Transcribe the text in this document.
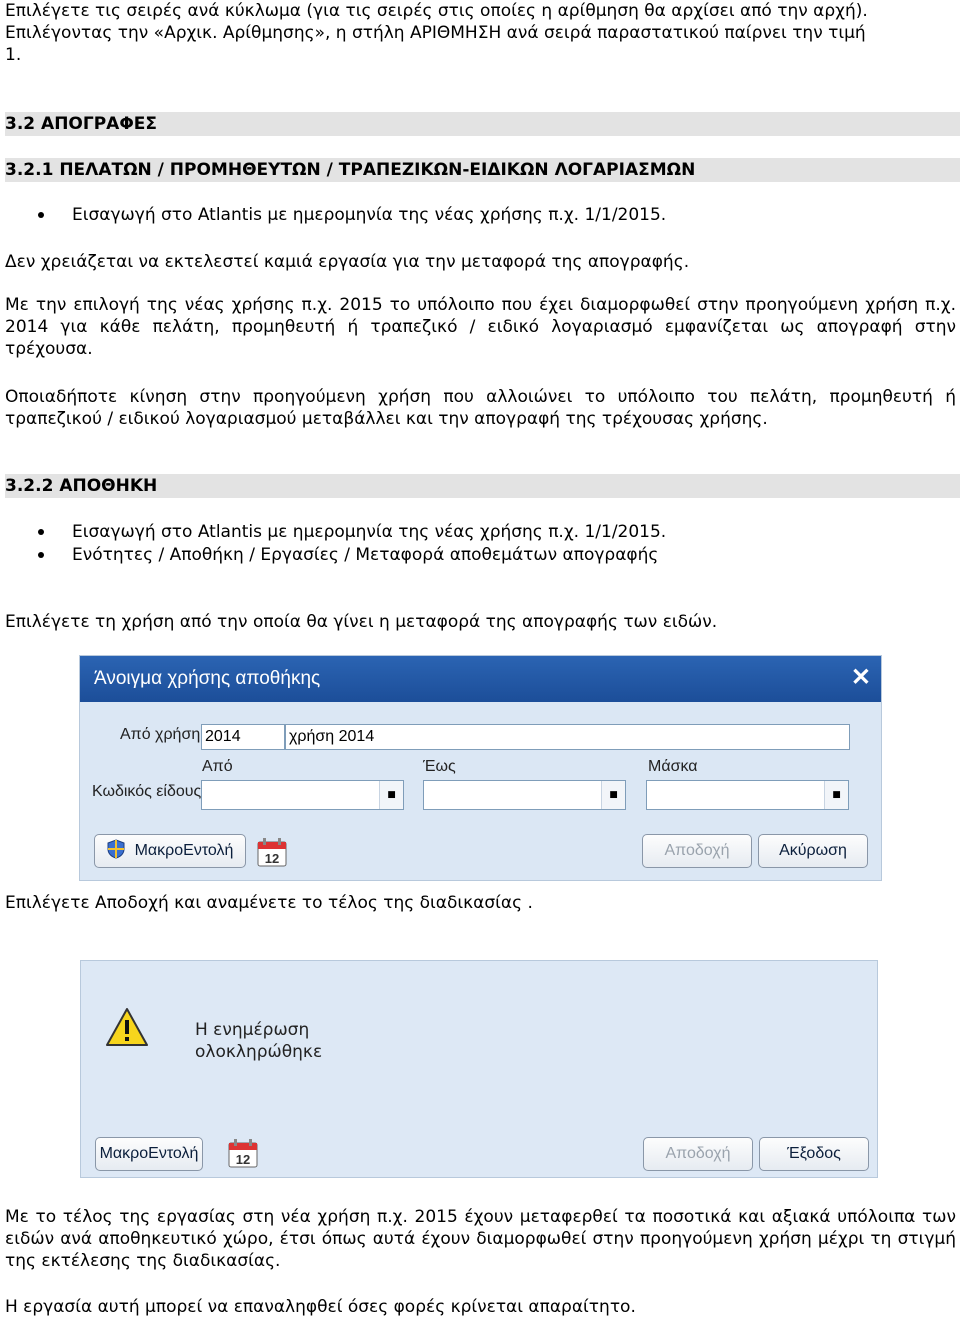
Επιλέγετε τις σειρές ανά κύκλωμα (για τις σειρές στις οποίες η αρίθμηση θα αρχίσει από την αρχή).
Επιλέγοντας την «Αρχικ. Αρίθμησης», η στήλη ΑΡΙΘΜΗΣΗ ανά σειρά παραστατικού παίρνει την τιμή
1.
3.2 ΑΠΟΓΡΑΦΕΣ
3.2.1 ΠΕΛΑΤΩΝ / ΠΡΟΜΗΘΕΥΤΩΝ / ΤΡΑΠΕΖΙΚΩΝ-ΕΙΔΙΚΩΝ ΛΟΓΑΡΙΑΣΜΩΝ
Εισαγωγή στο Atlantis με ημερομηνία της νέας χρήσης π.χ. 1/1/2015.
Δεν χρειάζεται να εκτελεστεί καμιά εργασία για την μεταφορά της απογραφής.
Με την επιλογή της νέας χρήσης π.χ. 2015 το υπόλοιπο που έχει διαμορφωθεί στην προηγούμενη χρήση π.χ. 2014 για κάθε πελάτη, προμηθευτή ή τραπεζικό / ειδικό λογαριασμό εμφανίζεται ως απογραφή στην τρέχουσα.
Οποιαδήποτε κίνηση στην προηγούμενη χρήση που αλλοιώνει το υπόλοιπο του πελάτη, προμηθευτή ή τραπεζικού / ειδικού λογαριασμού μεταβάλλει και την απογραφή της τρέχουσας χρήσης.
3.2.2 ΑΠΟΘΗΚΗ
Εισαγωγή στο Atlantis με ημερομηνία της νέας χρήσης π.χ. 1/1/2015.
Ενότητες / Αποθήκη / Εργασίες / Μεταφορά αποθεμάτων απογραφής
Επιλέγετε τη χρήση από την οποία θα γίνει η μεταφορά της απογραφής των ειδών.
Άνοιγμα χρήσης αποθήκης	✕
Από χρήση 2014	χρήση 2014
Από	Έως	Μάσκα
Κωδικός είδους	■	■	■
ΜακροΕντολή	12	Αποδοχή	Ακύρωση
Επιλέγετε Αποδοχή και αναμένετε το τέλος της διαδικασίας .
Η ενημέρωση
ολοκληρώθηκε
ΜακροΕντολή	12	Αποδοχή	Έξοδος
Με το τέλος της εργασίας στη νέα χρήση π.χ. 2015 έχουν μεταφερθεί τα ποσοτικά και αξιακά υπόλοιπα των ειδών ανά αποθηκευτικό χώρο, έτσι όπως αυτά έχουν διαμορφωθεί στην προηγούμενη χρήση μέχρι τη στιγμή της εκτέλεσης της διαδικασίας.
Η εργασία αυτή μπορεί να επαναληφθεί όσες φορές κρίνεται απαραίτητο.
